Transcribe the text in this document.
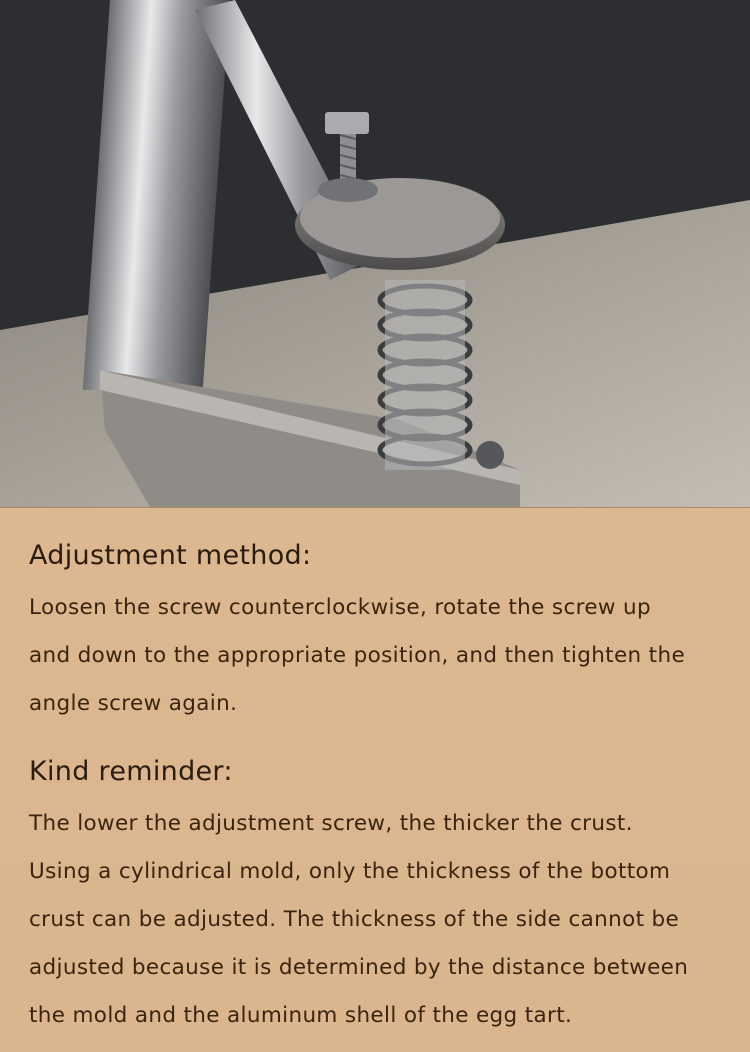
Adjustment method:
Loosen the screw counterclockwise, rotate the screw up
and down to the appropriate position, and then tighten the
angle screw again.
Kind reminder:
The lower the adjustment screw, the thicker the crust.
Using a cylindrical mold, only the thickness of the bottom
crust can be adjusted. The thickness of the side cannot be
adjusted because it is determined by the distance between
the mold and the aluminum shell of the egg tart.
